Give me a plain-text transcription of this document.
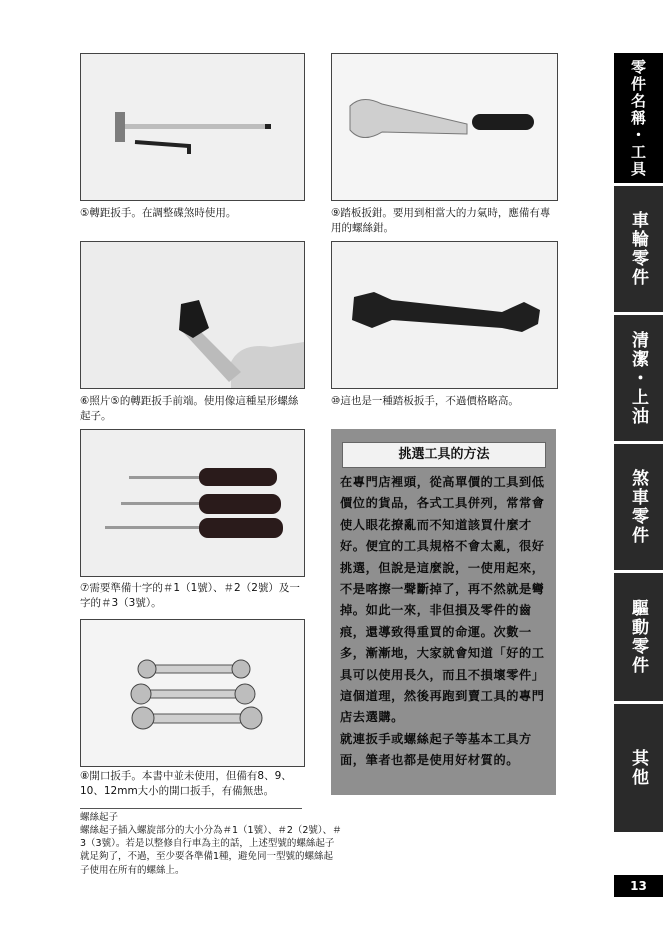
⑤轉距扳手。在調整碟煞時使用。	⑨踏板扳鉗。要用到相當大的力氣時，應備有專用的螺絲鉗。
⑥照片⑤的轉距扳手前端。使用像這種星形螺絲起子。
⑩這也是一種踏板扳手，不過價格略高。
⑦需要準備十字的＃1（1號）、＃2（2號）及一字的＃3（3號）。
⑧開口扳手。本書中並未使用，但備有8、9、10、12mm大小的開口扳手，有備無患。
挑選工具的方法

在專門店裡頭，從高單價的工具到低價位的貨品，各式工具併列，常常會使人眼花撩亂而不知道該買什麼才好。便宜的工具規格不會太亂，很好挑選，但說是這麼說，一使用起來，不是喀擦一聲斷掉了，再不然就是彎掉。如此一來，非但損及零件的齒痕，還導致得重買的命運。次數一多，漸漸地，大家就會知道「好的工具可以使用長久，而且不損壞零件」這個道理，然後再跑到賣工具的專門店去選購。

就連扳手或螺絲起子等基本工具方面，筆者也都是使用好材質的。

螺絲起子
螺絲起子插入螺旋部分的大小分為＃1（1號）、＃2（2號）、＃3（3號）。若是以整修自行車為主的話，上述型號的螺絲起子就足夠了，不過，至少要各準備1種，避免同一型號的螺絲起子使用在所有的螺絲上。
零件名稱・工具
車輪零件
清潔・上油
煞車零件
驅動零件
其他
13
